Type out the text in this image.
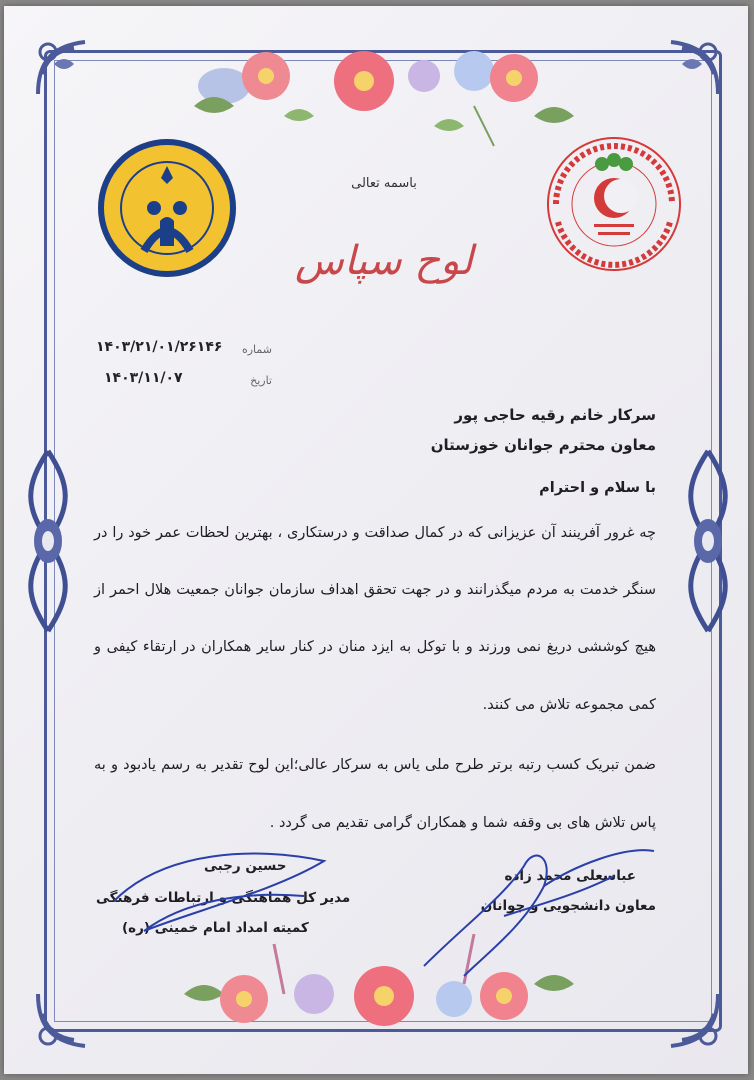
باسمه تعالی
لوح سپاس
شماره
۱۴۰۳/۲۱/۰۱/۲۶۱۴۶
تاریخ
۱۴۰۳/۱۱/۰۷
سرکار خانم رقیه حاجی پور
معاون محترم جوانان خوزستان
با سلام و احترام
چه غرور آفرینند آن عزیزانی که در کمال صداقت و درستکاری ، بهترین لحظات عمر خود را در
سنگر خدمت به مردم میگذرانند و در جهت تحقق اهداف سازمان جوانان جمعیت هلال احمر از
هیچ کوششی دریغ نمی ورزند و با توکل به ایزد منان در کنار سایر همکاران در ارتقاء کیفی و
کمی مجموعه تلاش می کنند.
ضمن تبریک کسب رتبه برتر طرح ملی یاس به سرکار عالی؛این لوح تقدیر به رسم یادبود و به
پاس تلاش های بی وقفه شما و همکاران گرامی تقدیم می گردد .
حسین رجبی
مدیر کل هماهنگی و ارتباطات فرهنگی
کمیته امداد امام خمینی (ره)
عباسعلی محمد زاده
معاون دانشجویی و جوانان
